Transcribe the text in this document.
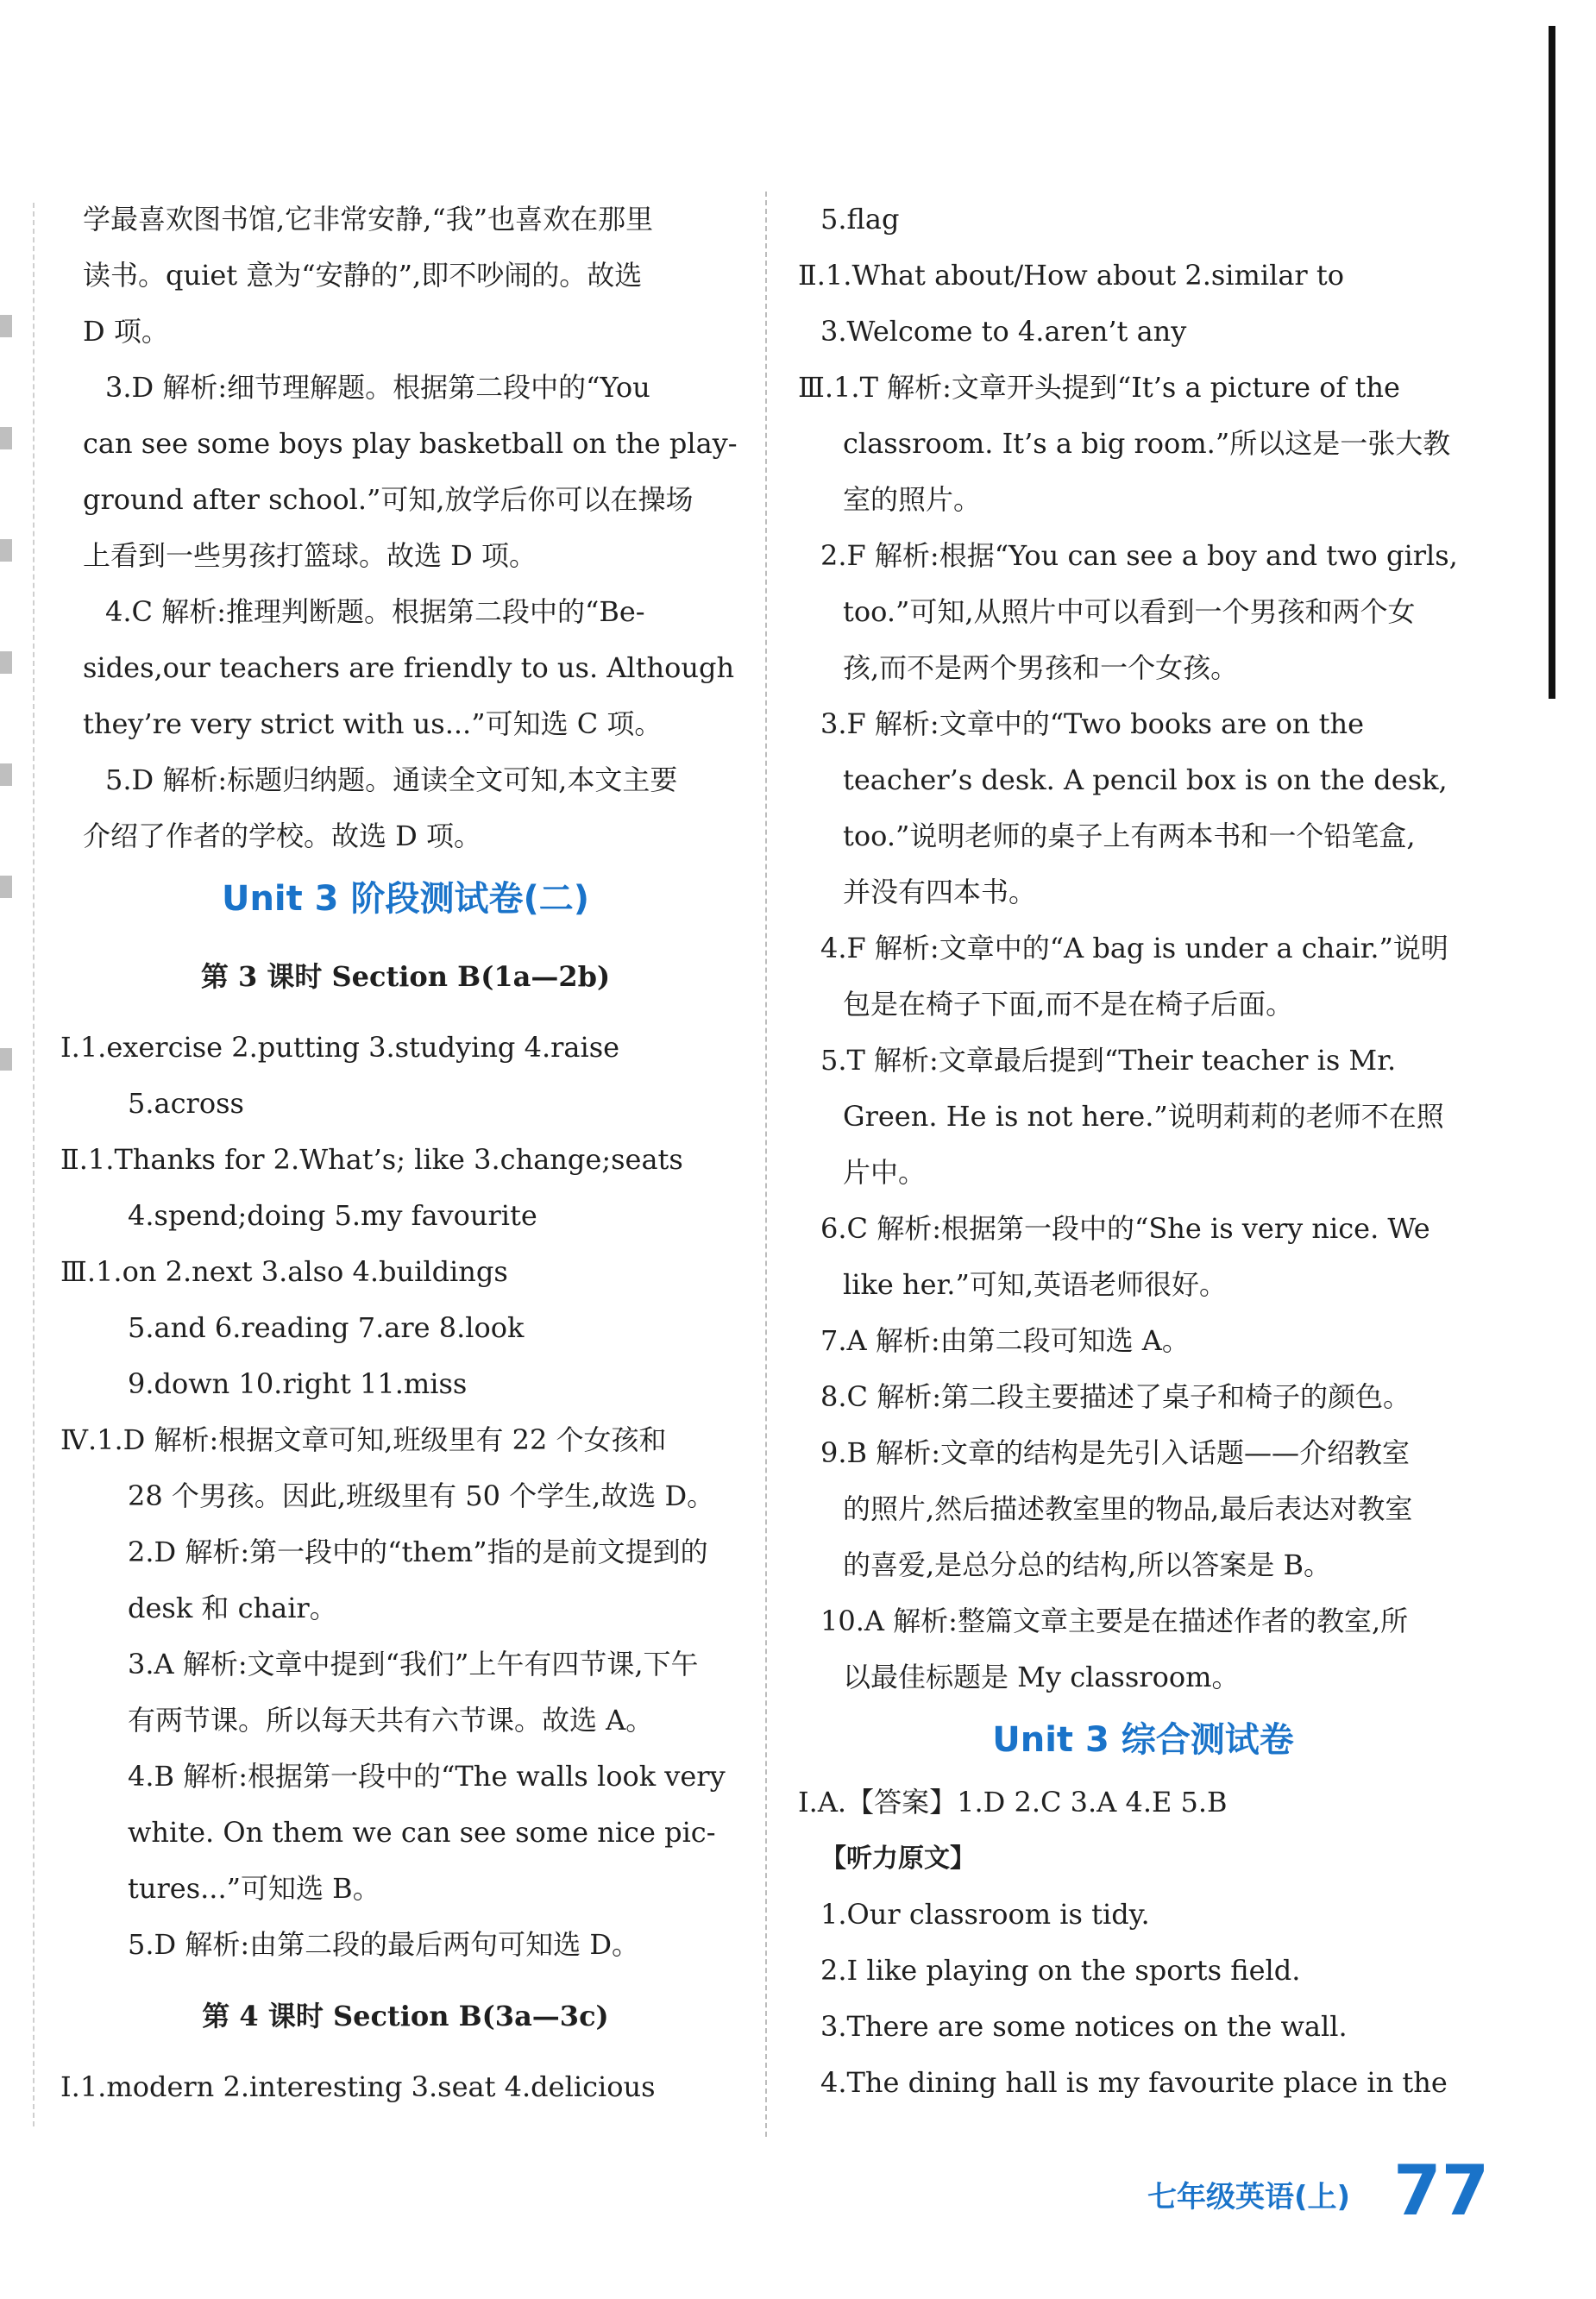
学最喜欢图书馆,它非常安静,“我”也喜欢在那里
读书。quiet 意为“安静的”,即不吵闹的。故选
D 项。
3.D 解析:细节理解题。根据第二段中的“You
can see some boys play basketball on the play-
ground after school.”可知,放学后你可以在操场
上看到一些男孩打篮球。故选 D 项。
4.C 解析:推理判断题。根据第二段中的“Be-
sides,our teachers are friendly to us. Although
they’re very strict with us...”可知选 C 项。
5.D 解析:标题归纳题。通读全文可知,本文主要
介绍了作者的学校。故选 D 项。
Unit 3 阶段测试卷(二)
第 3 课时 Section B(1a—2b)
Ⅰ.1.exercise 2.putting 3.studying 4.raise
5.across
Ⅱ.1.Thanks for 2.What’s; like 3.change;seats
4.spend;doing 5.my favourite
Ⅲ.1.on 2.next 3.also 4.buildings
5.and 6.reading 7.are 8.look
9.down 10.right 11.miss
Ⅳ.1.D 解析:根据文章可知,班级里有 22 个女孩和
28 个男孩。因此,班级里有 50 个学生,故选 D。
2.D 解析:第一段中的“them”指的是前文提到的
desk 和 chair。
3.A 解析:文章中提到“我们”上午有四节课,下午
有两节课。所以每天共有六节课。故选 A。
4.B 解析:根据第一段中的“The walls look very
white. On them we can see some nice pic-
tures...”可知选 B。
5.D 解析:由第二段的最后两句可知选 D。
第 4 课时 Section B(3a—3c)
Ⅰ.1.modern 2.interesting 3.seat 4.delicious
5.flag
Ⅱ.1.What about/How about 2.similar to
3.Welcome to 4.aren’t any
Ⅲ.1.T 解析:文章开头提到“It’s a picture of the
classroom. It’s a big room.”所以这是一张大教
室的照片。
2.F 解析:根据“You can see a boy and two girls,
too.”可知,从照片中可以看到一个男孩和两个女
孩,而不是两个男孩和一个女孩。
3.F 解析:文章中的“Two books are on the
teacher’s desk. A pencil box is on the desk,
too.”说明老师的桌子上有两本书和一个铅笔盒,
并没有四本书。
4.F 解析:文章中的“A bag is under a chair.”说明
包是在椅子下面,而不是在椅子后面。
5.T 解析:文章最后提到“Their teacher is Mr.
Green. He is not here.”说明莉莉的老师不在照
片中。
6.C 解析:根据第一段中的“She is very nice. We
like her.”可知,英语老师很好。
7.A 解析:由第二段可知选 A。
8.C 解析:第二段主要描述了桌子和椅子的颜色。
9.B 解析:文章的结构是先引入话题——介绍教室
的照片,然后描述教室里的物品,最后表达对教室
的喜爱,是总分总的结构,所以答案是 B。
10.A 解析:整篇文章主要是在描述作者的教室,所
以最佳标题是 My classroom。
Unit 3 综合测试卷
Ⅰ.A.【答案】1.D 2.C 3.A 4.E 5.B
【听力原文】
1.Our classroom is tidy.
2.I like playing on the sports field.
3.There are some notices on the wall.
4.The dining hall is my favourite place in the
七年级英语(上) 77
